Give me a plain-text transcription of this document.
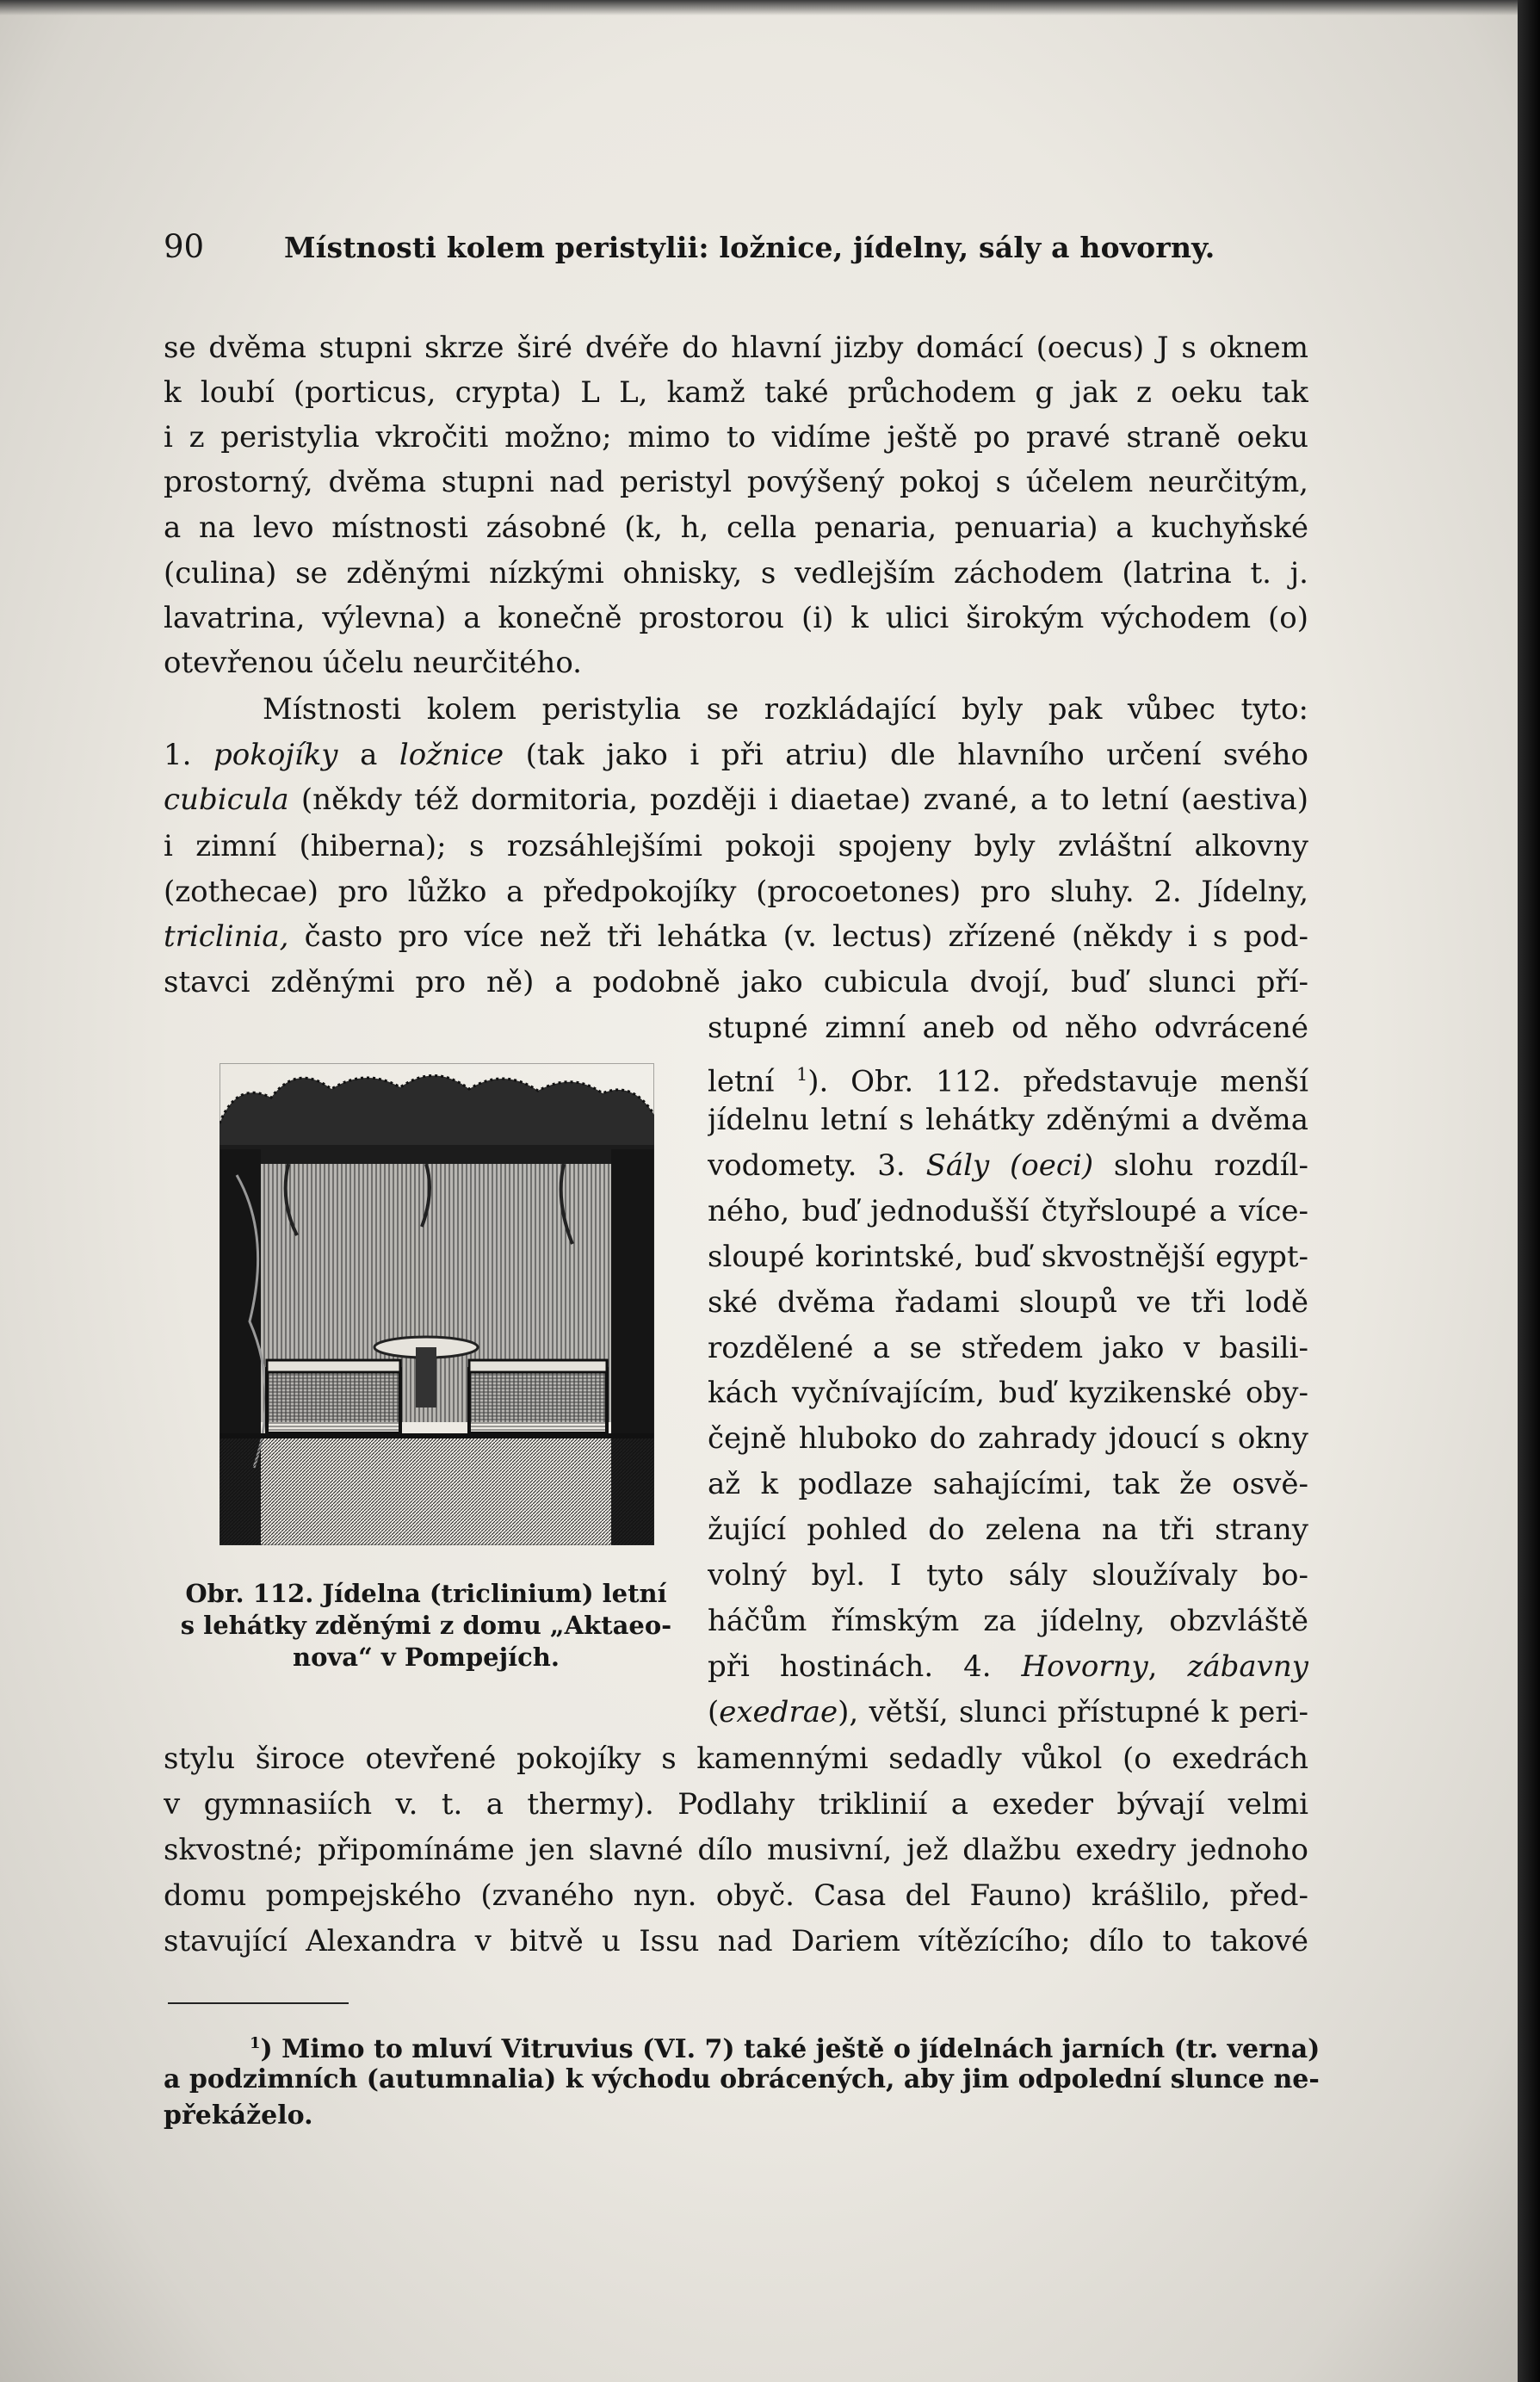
90	Místnosti kolem peristylii: ložnice, jídelny, sály a hovorny.
se dvěma stupni skrze širé dvéře do hlavní jizby domácí (oecus) J s oknem
k loubí (porticus, crypta) L L, kamž také průchodem g jak z oeku tak
i z peristylia vkročiti možno; mimo to vidíme ještě po pravé straně oeku
prostorný, dvěma stupni nad peristyl povýšený pokoj s účelem neurčitým,
a na levo místnosti zásobné (k, h, cella penaria, penuaria) a kuchyňské
(culina) se zděnými nízkými ohnisky, s vedlejším záchodem (latrina t. j.
lavatrina, výlevna) a konečně prostorou (i) k ulici širokým východem (o)
otevřenou účelu neurčitého.
Místnosti kolem peristylia se rozkládající byly pak vůbec tyto:
1. pokojíky a ložnice (tak jako i při atriu) dle hlavního určení svého
cubicula (někdy též dormitoria, později i diaetae) zvané, a to letní (aestiva)
i zimní (hiberna); s rozsáhlejšími pokoji spojeny byly zvláštní alkovny
(zothecae) pro lůžko a předpokojíky (procoetones) pro sluhy. 2. Jídelny,
triclinia, často pro více než tři lehátka (v. lectus) zřízené (někdy i s pod-
stavci zděnými pro ně) a podobně jako cubicula dvojí, buď slunci pří-
stupné zimní aneb od něho odvrácené
letní $^1$). Obr. 112. představuje menší
jídelnu letní s lehátky zděnými a dvěma
vodomety. 3. Sály (oeci) slohu rozdíl-
ného, buď jednodušší čtyřsloupé a více-
sloupé korintské, buď skvostnější egypt-
ské dvěma řadami sloupů ve tři lodě
rozdělené a se středem jako v basili-
kách vyčnívajícím, buď kyzikenské oby-
čejně hluboko do zahrady jdoucí s okny
až k podlaze sahajícími, tak že osvě-
žující pohled do zelena na tři strany
volný byl. I tyto sály sloužívaly bo-
háčům římským za jídelny, obzvláště
při hostinách. 4. Hovorny, zábavny
(exedrae), větší, slunci přístupné k peri-
stylu široce otevřené pokojíky s kamennými sedadly vůkol (o exedrách
v gymnasiích v. t. a thermy). Podlahy triklinií a exeder bývají velmi
skvostné; připomínáme jen slavné dílo musivní, jež dlažbu exedry jednoho
domu pompejského (zvaného nyn. obyč. Casa del Fauno) krášlilo, před-
stavující Alexandra v bitvě u Issu nad Dariem vítězícího; dílo to takové
Obr. 112. Jídelna (triclinium) letní
s lehátky zděnými z domu „Aktaeo-
nova“ v Pompejích.
$^1$) Mimo to mluví Vitruvius (VI. 7) také ještě o jídelnách jarních (tr. verna)
a podzimních (autumnalia) k východu obrácených, aby jim odpolední slunce ne-
překáželo.
